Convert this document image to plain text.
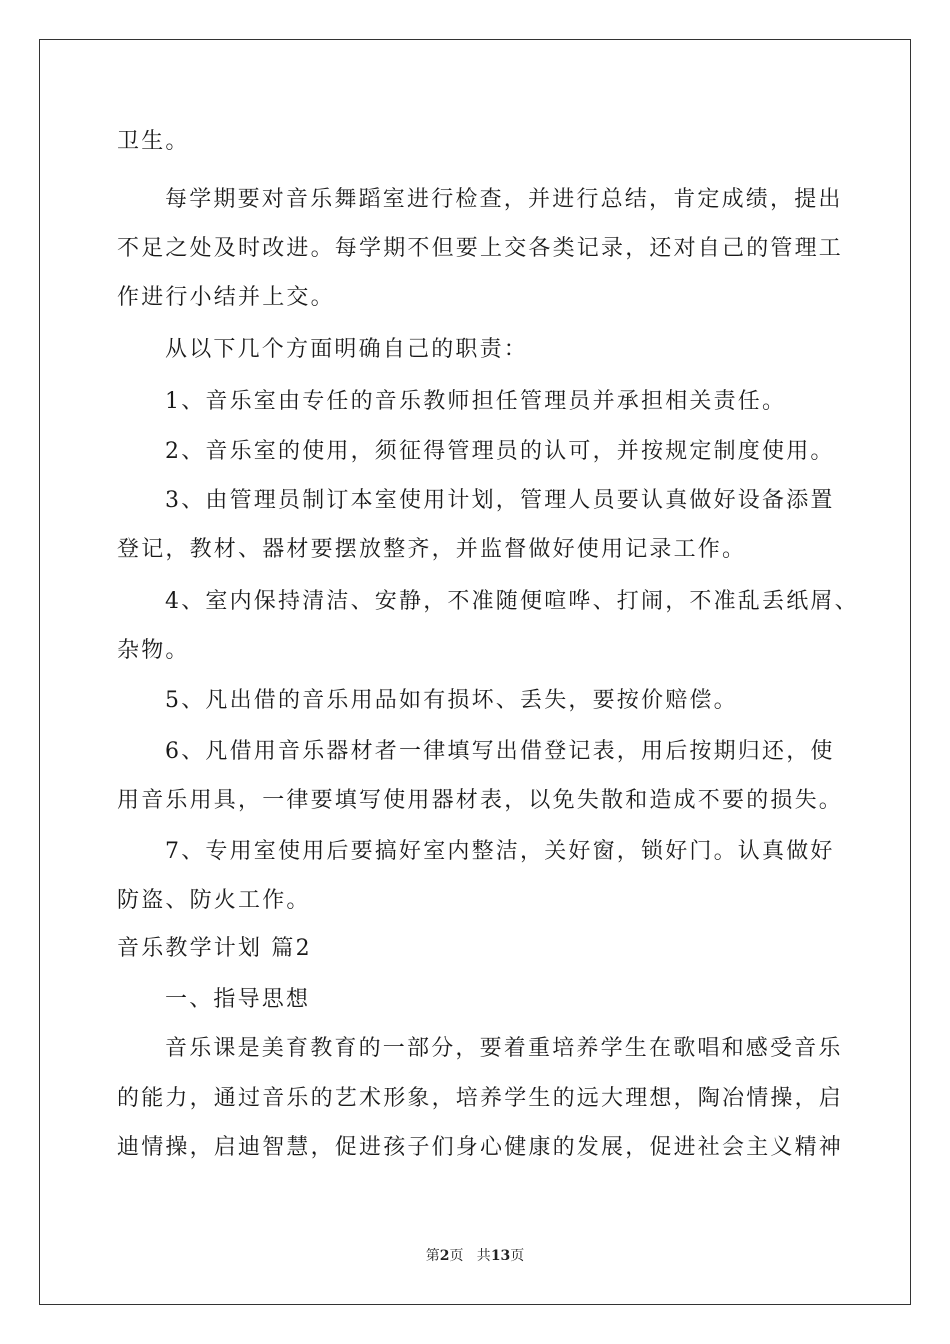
卫生。
每学期要对音乐舞蹈室进行检查，并进行总结，肯定成绩，提出
不足之处及时改进。每学期不但要上交各类记录，还对自己的管理工
作进行小结并上交。
从以下几个方面明确自己的职责：
1、音乐室由专任的音乐教师担任管理员并承担相关责任。
2、音乐室的使用，须征得管理员的认可，并按规定制度使用。
3、由管理员制订本室使用计划，管理人员要认真做好设备添置
登记，教材、器材要摆放整齐，并监督做好使用记录工作。
4、室内保持清洁、安静，不准随便喧哗、打闹，不准乱丢纸屑、
杂物。
5、凡出借的音乐用品如有损坏、丢失，要按价赔偿。
6、凡借用音乐器材者一律填写出借登记表，用后按期归还，使
用音乐用具，一律要填写使用器材表，以免失散和造成不要的损失。
7、专用室使用后要搞好室内整洁，关好窗，锁好门。认真做好
防盗、防火工作。
音乐教学计划 篇2
一、指导思想
音乐课是美育教育的一部分，要着重培养学生在歌唱和感受音乐
的能力，通过音乐的艺术形象，培养学生的远大理想，陶冶情操，启
迪情操，启迪智慧，促进孩子们身心健康的发展，促进社会主义精神
第2页   共13页
